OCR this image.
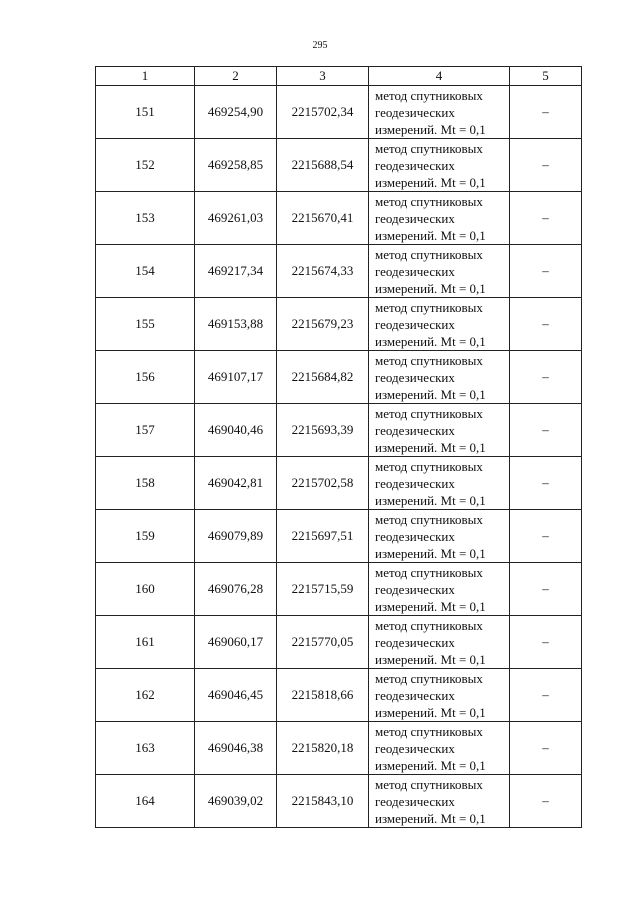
295
1	2	3	4	5
151	469254,90	2215702,34	метод спутниковых
геодезических
измерений. Mt = 0,1	–
152	469258,85	2215688,54	метод спутниковых
геодезических
измерений. Mt = 0,1	–
153	469261,03	2215670,41	метод спутниковых
геодезических
измерений. Mt = 0,1	–
154	469217,34	2215674,33	метод спутниковых
геодезических
измерений. Mt = 0,1	–
155	469153,88	2215679,23	метод спутниковых
геодезических
измерений. Mt = 0,1	–
156	469107,17	2215684,82	метод спутниковых
геодезических
измерений. Mt = 0,1	–
157	469040,46	2215693,39	метод спутниковых
геодезических
измерений. Mt = 0,1	–
158	469042,81	2215702,58	метод спутниковых
геодезических
измерений. Mt = 0,1	–
159	469079,89	2215697,51	метод спутниковых
геодезических
измерений. Mt = 0,1	–
160	469076,28	2215715,59	метод спутниковых
геодезических
измерений. Mt = 0,1	–
161	469060,17	2215770,05	метод спутниковых
геодезических
измерений. Mt = 0,1	–
162	469046,45	2215818,66	метод спутниковых
геодезических
измерений. Mt = 0,1	–
163	469046,38	2215820,18	метод спутниковых
геодезических
измерений. Mt = 0,1	–
164	469039,02	2215843,10	метод спутниковых
геодезических
измерений. Mt = 0,1	–
